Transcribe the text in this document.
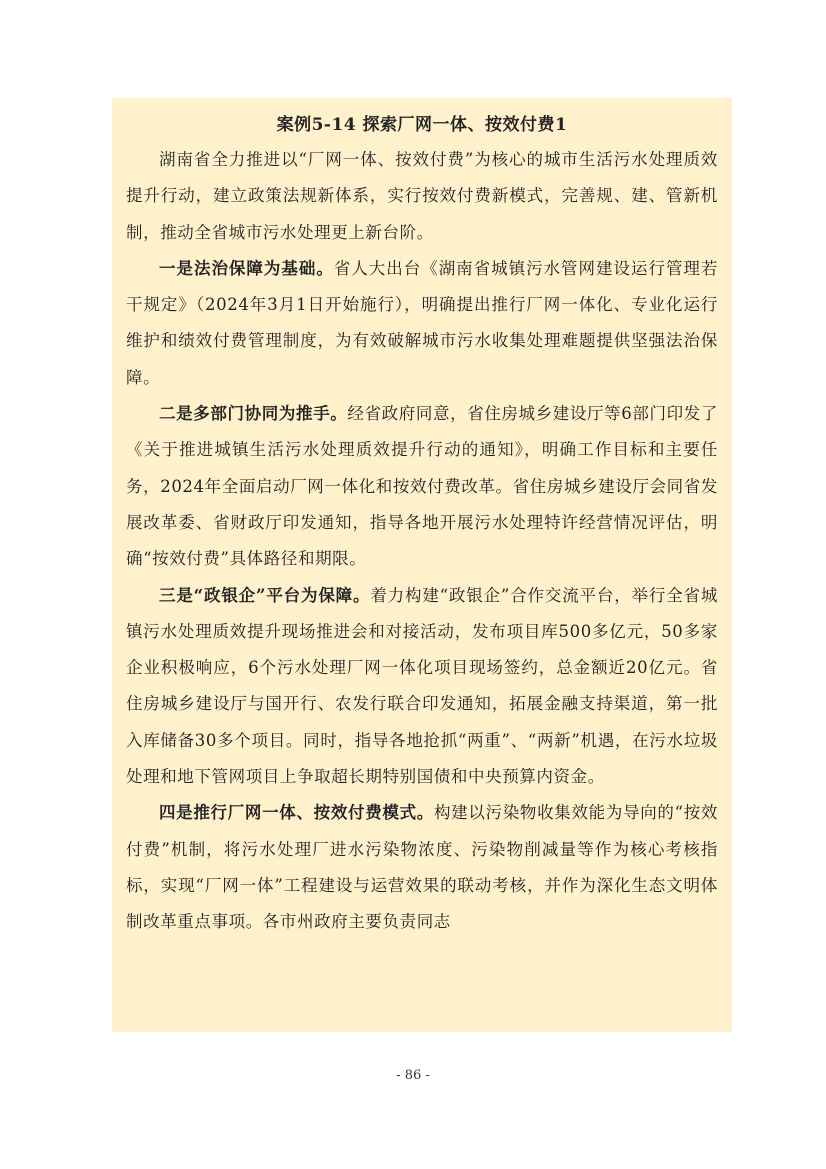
案例5-14 探索厂网一体、按效付费1

湖南省全力推进以“厂网一体、按效付费”为核心的城市生活污水处理质效提升行动，建立政策法规新体系，实行按效付费新模式，完善规、建、管新机制，推动全省城市污水处理更上新台阶。

一是法治保障为基础。省人大出台《湖南省城镇污水管网建设运行管理若干规定》（2024年3月1日开始施行），明确提出推行厂网一体化、专业化运行维护和绩效付费管理制度，为有效破解城市污水收集处理难题提供坚强法治保障。

二是多部门协同为推手。经省政府同意，省住房城乡建设厅等6部门印发了《关于推进城镇生活污水处理质效提升行动的通知》，明确工作目标和主要任务，2024年全面启动厂网一体化和按效付费改革。省住房城乡建设厅会同省发展改革委、省财政厅印发通知，指导各地开展污水处理特许经营情况评估，明确“按效付费”具体路径和期限。

三是“政银企”平台为保障。着力构建“政银企”合作交流平台，举行全省城镇污水处理质效提升现场推进会和对接活动，发布项目库500多亿元，50多家企业积极响应，6个污水处理厂网一体化项目现场签约，总金额近20亿元。省住房城乡建设厅与国开行、农发行联合印发通知，拓展金融支持渠道，第一批入库储备30多个项目。同时，指导各地抢抓“两重”、“两新”机遇，在污水垃圾处理和地下管网项目上争取超长期特别国债和中央预算内资金。

四是推行厂网一体、按效付费模式。构建以污染物收集效能为导向的“按效付费”机制，将污水处理厂进水污染物浓度、污染物削减量等作为核心考核指标，实现“厂网一体”工程建设与运营效果的联动考核，并作为深化生态文明体制改革重点事项。各市州政府主要负责同志

- 86 -
